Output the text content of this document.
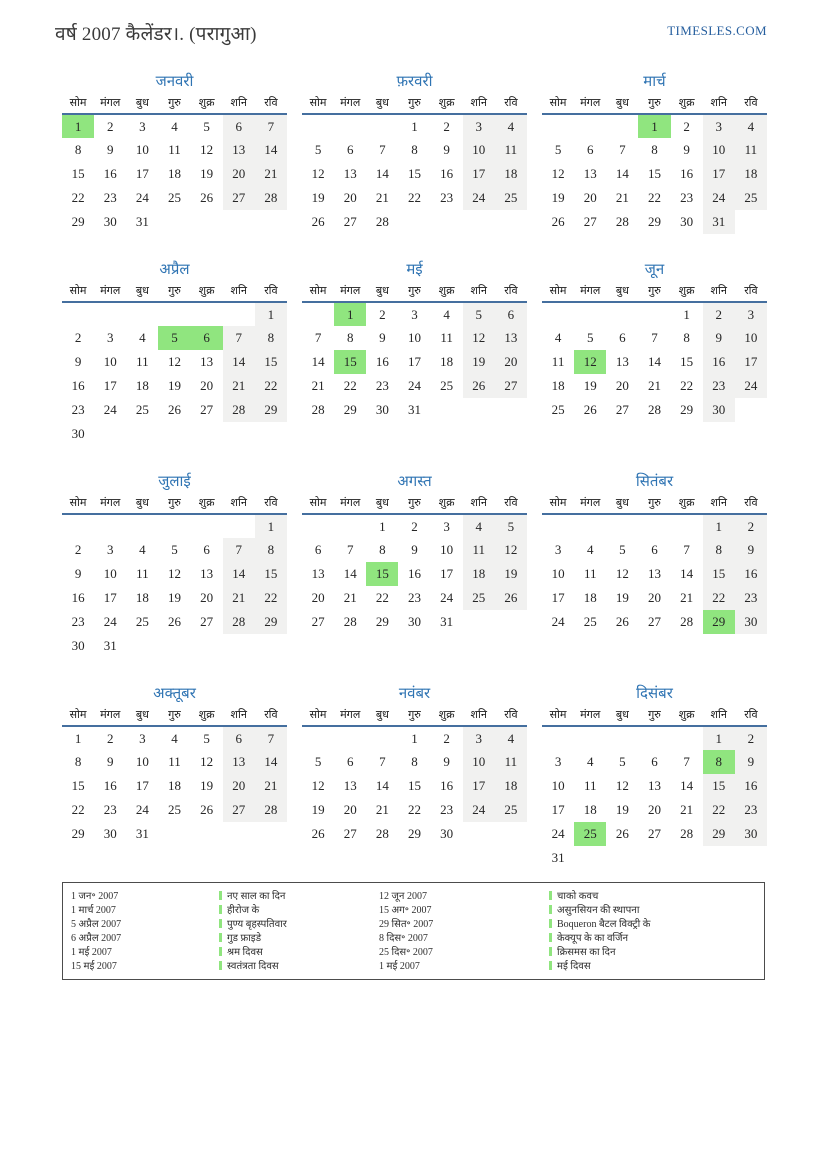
वर्ष 2007 कैलेंडर।. (परागुआ)	TIMESLES.COM
जनवरी
सोम	मंगल	बुध	गुरु	शुक्र	शनि	रवि
1	2	3	4	5	6	7
8	9	10	11	12	13	14
15	16	17	18	19	20	21
22	23	24	25	26	27	28
29	30	31				
फ़रवरी
सोम	मंगल	बुध	गुरु	शुक्र	शनि	रवि
			1	2	3	4
5	6	7	8	9	10	11
12	13	14	15	16	17	18
19	20	21	22	23	24	25
26	27	28				
मार्च
सोम	मंगल	बुध	गुरु	शुक्र	शनि	रवि
			1	2	3	4
5	6	7	8	9	10	11
12	13	14	15	16	17	18
19	20	21	22	23	24	25
26	27	28	29	30	31	
अप्रैल
सोम	मंगल	बुध	गुरु	शुक्र	शनि	रवि
						1
2	3	4	5	6	7	8
9	10	11	12	13	14	15
16	17	18	19	20	21	22
23	24	25	26	27	28	29
30						
मई
सोम	मंगल	बुध	गुरु	शुक्र	शनि	रवि
	1	2	3	4	5	6
7	8	9	10	11	12	13
14	15	16	17	18	19	20
21	22	23	24	25	26	27
28	29	30	31			
जून
सोम	मंगल	बुध	गुरु	शुक्र	शनि	रवि
				1	2	3
4	5	6	7	8	9	10
11	12	13	14	15	16	17
18	19	20	21	22	23	24
25	26	27	28	29	30	
जुलाई
सोम	मंगल	बुध	गुरु	शुक्र	शनि	रवि
						1
2	3	4	5	6	7	8
9	10	11	12	13	14	15
16	17	18	19	20	21	22
23	24	25	26	27	28	29
30	31					
अगस्त
सोम	मंगल	बुध	गुरु	शुक्र	शनि	रवि
		1	2	3	4	5
6	7	8	9	10	11	12
13	14	15	16	17	18	19
20	21	22	23	24	25	26
27	28	29	30	31		
सितंबर
सोम	मंगल	बुध	गुरु	शुक्र	शनि	रवि
					1	2
3	4	5	6	7	8	9
10	11	12	13	14	15	16
17	18	19	20	21	22	23
24	25	26	27	28	29	30
अक्तूबर
सोम	मंगल	बुध	गुरु	शुक्र	शनि	रवि
1	2	3	4	5	6	7
8	9	10	11	12	13	14
15	16	17	18	19	20	21
22	23	24	25	26	27	28
29	30	31				
नवंबर
सोम	मंगल	बुध	गुरु	शुक्र	शनि	रवि
			1	2	3	4
5	6	7	8	9	10	11
12	13	14	15	16	17	18
19	20	21	22	23	24	25
26	27	28	29	30		
दिसंबर
सोम	मंगल	बुध	गुरु	शुक्र	शनि	रवि
					1	2
3	4	5	6	7	8	9
10	11	12	13	14	15	16
17	18	19	20	21	22	23
24	25	26	27	28	29	30
31						
1 जन॰ 2007	नए साल का दिन	12 जून 2007	चाको कवच
1 मार्च 2007	हीरोज के	15 अग॰ 2007	असुनसियन की स्थापना
5 अप्रैल 2007	पुण्य बृहस्पतिवार	29 सित॰ 2007	Boqueron बैटल विक्ट्री के
6 अप्रैल 2007	गुड फ्राइडे	8 दिस॰ 2007	केक्यूप के का वर्जिन
1 मई 2007	श्रम दिवस	25 दिस॰ 2007	क्रिसमस का दिन
15 मई 2007	स्वतंत्रता दिवस	1 मई 2007	मई दिवस
